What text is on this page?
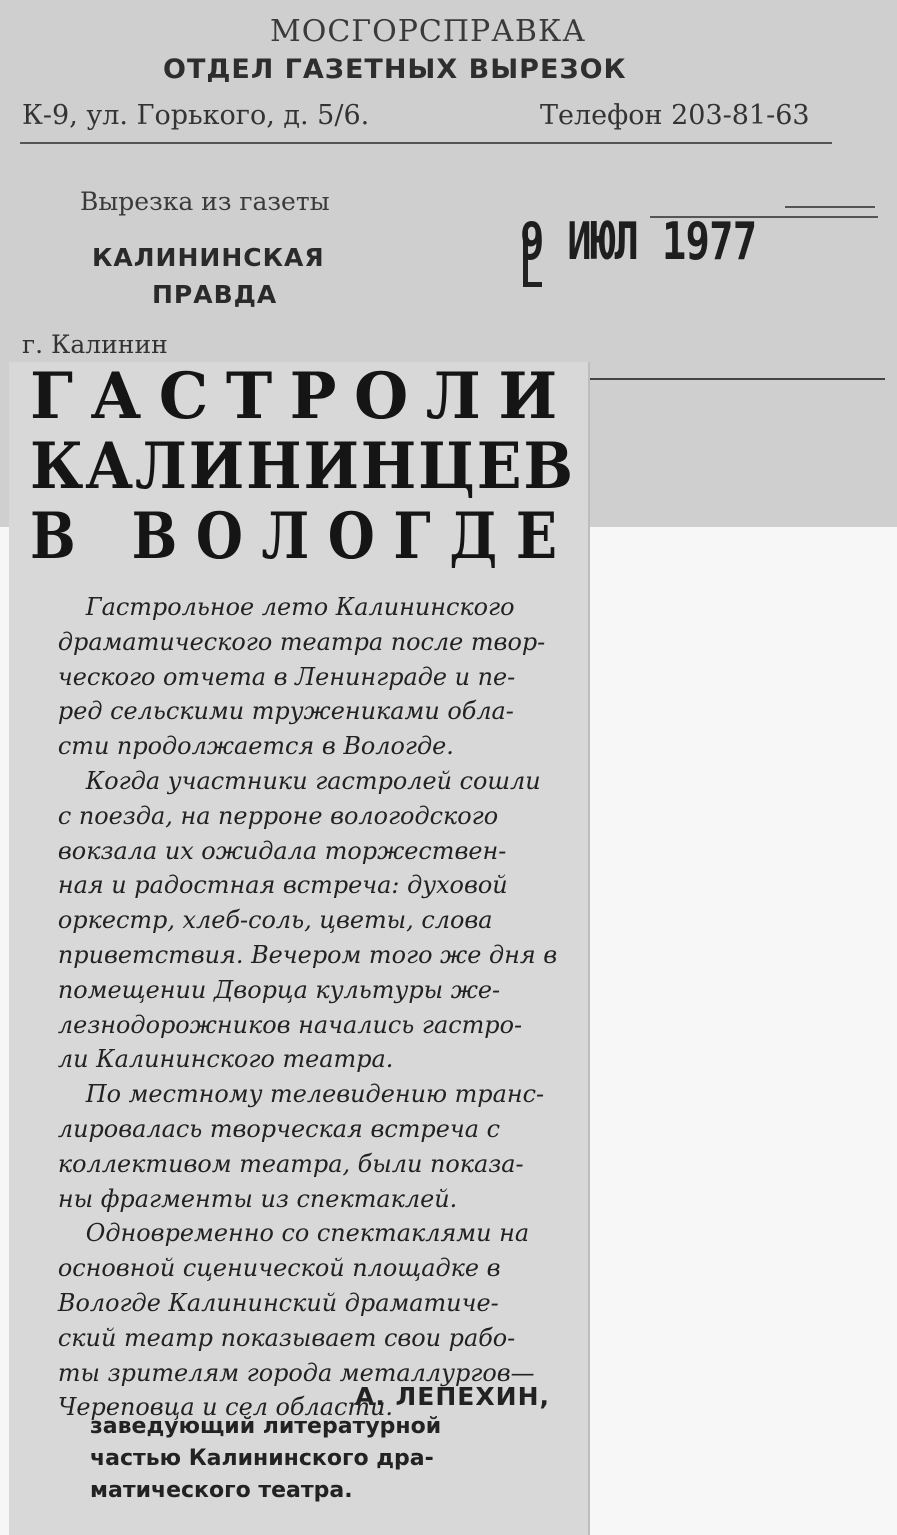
МОСГОРСПРАВКА
ОТДЕЛ ГАЗЕТНЫХ ВЫРЕЗОК
К-9, ул. Горького, д. 5/6.	Телефон 203-81-63
Вырезка из газеты
КАЛИНИНСКАЯ
ПРАВДА
9 ИЮЛ 1977
г. Калинин
ГАСТРОЛИ
КАЛИНИНЦЕВ
В ВОЛОГДЕ
Гастрольное лето Калининского
драматического театра после твор-
ческого отчета в Ленинграде и пе-
ред сельскими тружениками обла-
сти продолжается в Вологде.
Когда участники гастролей сошли
с поезда, на перроне вологодского
вокзала их ожидала торжествен-
ная и радостная встреча: духовой
оркестр, хлеб-соль, цветы, слова
приветствия. Вечером того же дня в
помещении Дворца культуры же-
лезнодорожников начались гастро-
ли Калининского театра.
По местному телевидению транс-
лировалась творческая встреча с
коллективом театра, были показа-
ны фрагменты из спектаклей.
Одновременно со спектаклями на
основной сценической площадке в
Вологде Калининский драматиче-
ский театр показывает свои рабо-
ты зрителям города металлургов—
Череповца и сел области.
А. ЛЕПЕХИН,
заведующий литературной
частью Калининского дра-
матического театра.
